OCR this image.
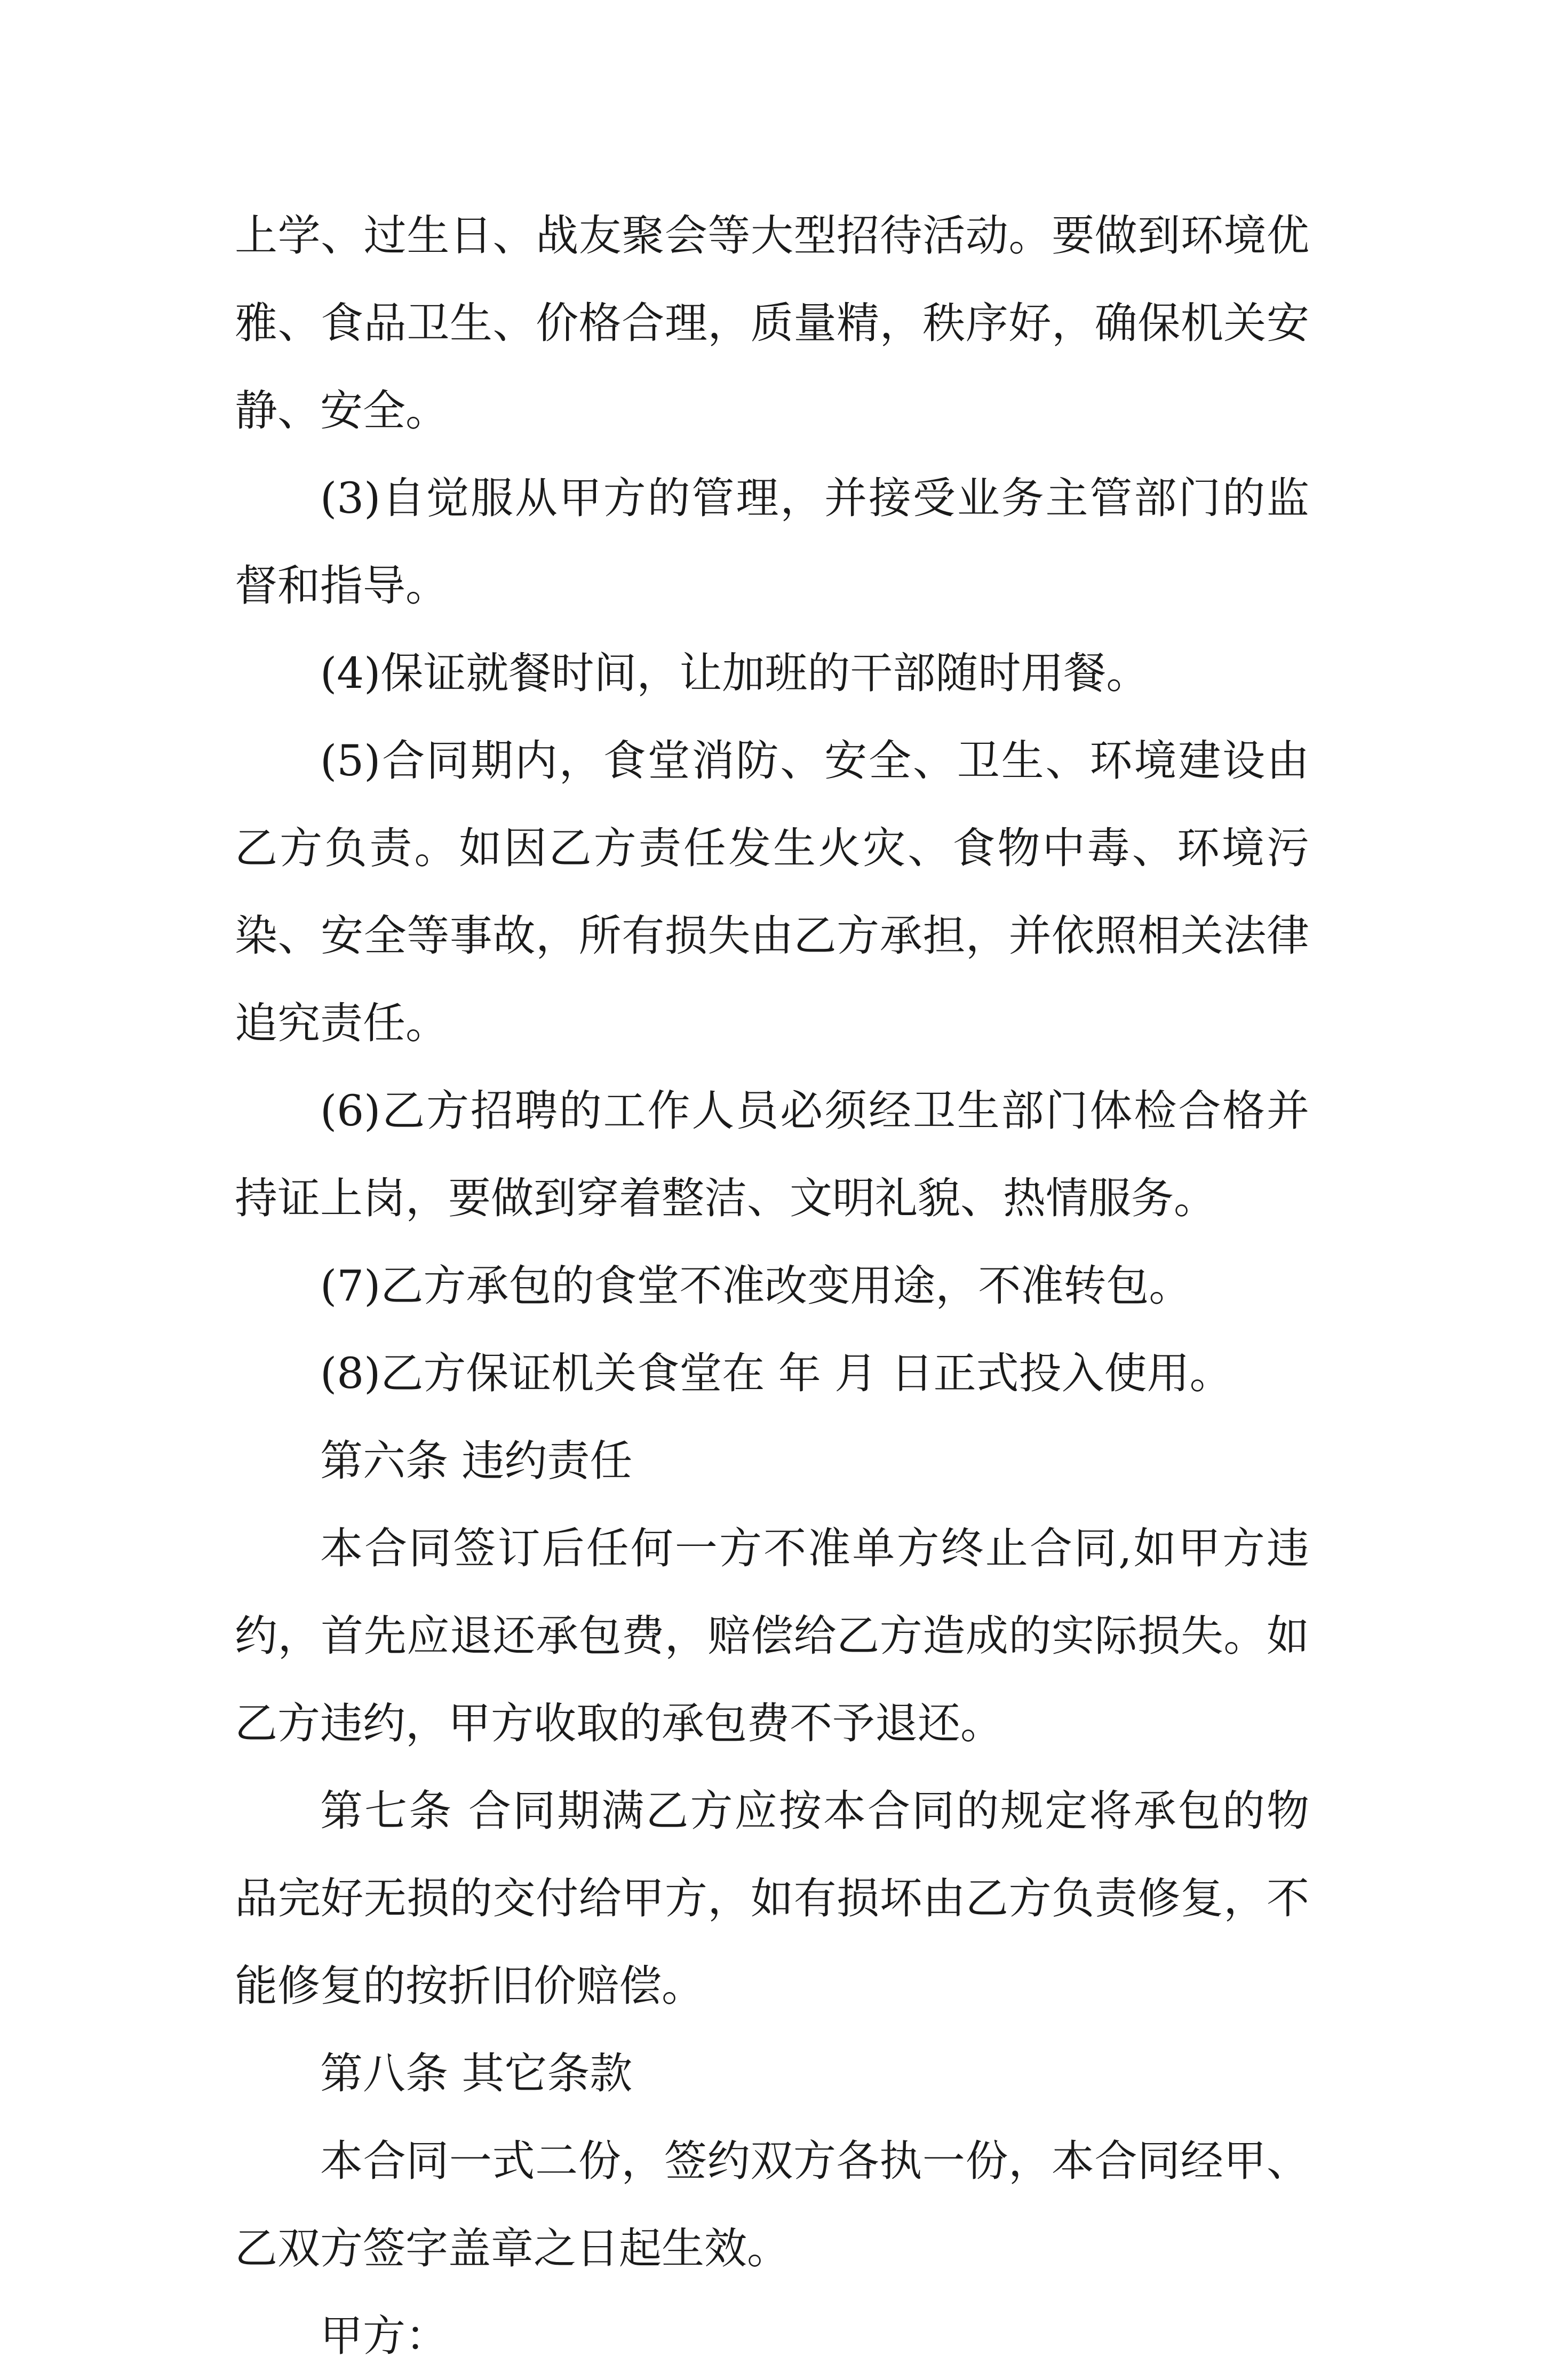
上学、过生日、战友聚会等大型招待活动。要做到环境优雅、食品卫生、价格合理，质量精，秩序好，确保机关安静、安全。

(3)自觉服从甲方的管理，并接受业务主管部门的监督和指导。

(4)保证就餐时间，让加班的干部随时用餐。

(5)合同期内，食堂消防、安全、卫生、环境建设由乙方负责。如因乙方责任发生火灾、食物中毒、环境污染、安全等事故，所有损失由乙方承担，并依照相关法律追究责任。

(6)乙方招聘的工作人员必须经卫生部门体检合格并持证上岗，要做到穿着整洁、文明礼貌、热情服务。

(7)乙方承包的食堂不准改变用途，不准转包。

(8)乙方保证机关食堂在 年 月 日正式投入使用。

第六条 违约责任

本合同签订后任何一方不准单方终止合同,如甲方违约，首先应退还承包费，赔偿给乙方造成的实际损失。如乙方违约，甲方收取的承包费不予退还。

第七条 合同期满乙方应按本合同的规定将承包的物品完好无损的交付给甲方，如有损坏由乙方负责修复，不能修复的按折旧价赔偿。

第八条 其它条款

本合同一式二份，签约双方各执一份，本合同经甲、乙双方签字盖章之日起生效。

甲方：
